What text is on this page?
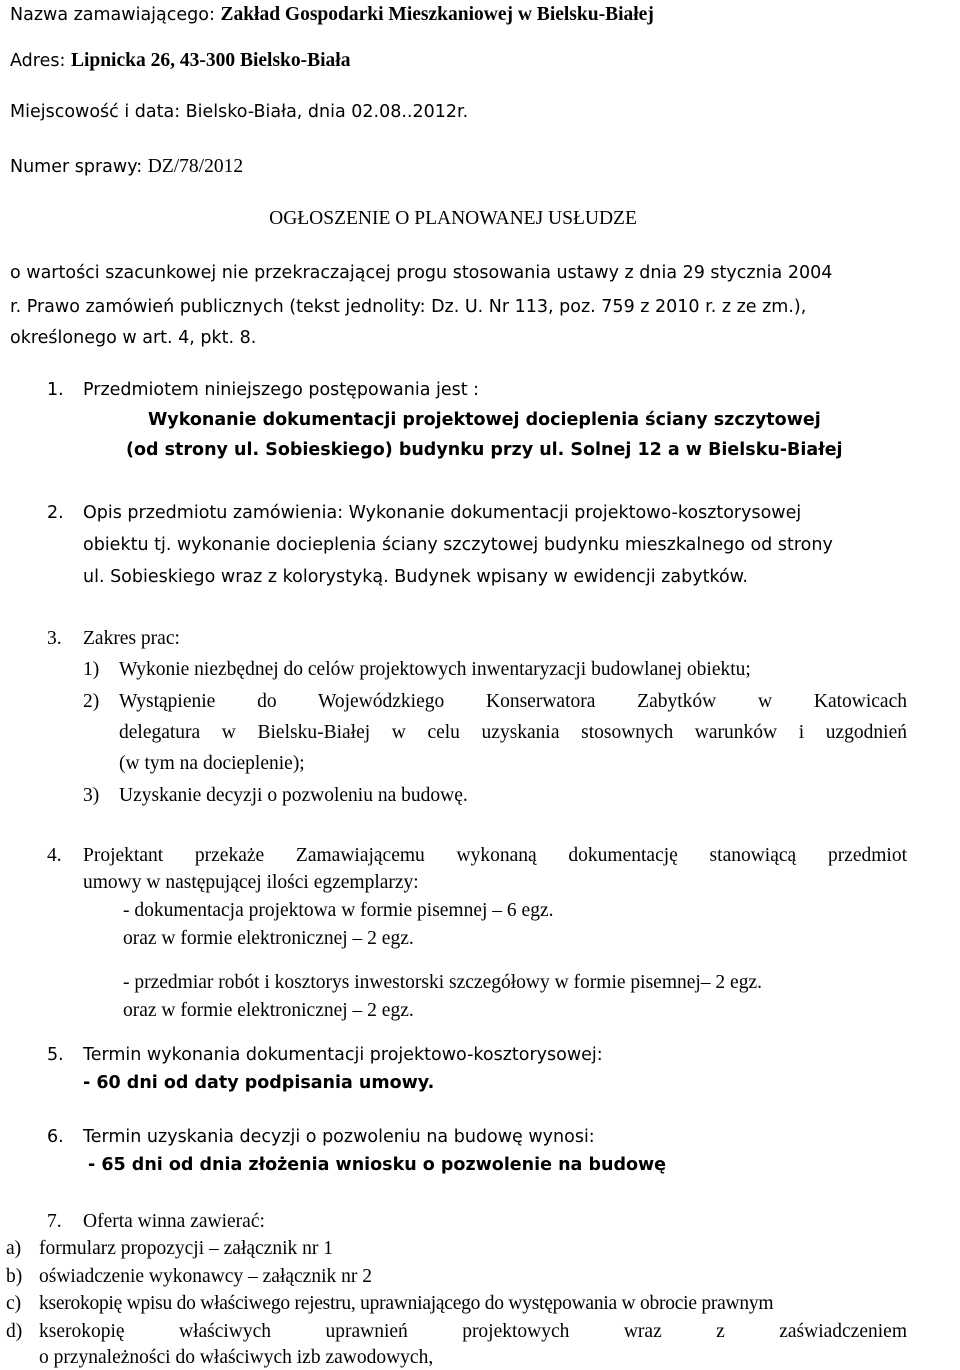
Nazwa zamawiającego: Zakład Gospodarki Mieszkaniowej w Bielsku-Białej
Adres: Lipnicka 26, 43-300 Bielsko-Biała
Miejscowość i data: Bielsko-Biała, dnia 02.08..2012r.
Numer sprawy: DZ/78/2012
OGŁOSZENIE O PLANOWANEJ USŁUDZE
o wartości szacunkowej nie przekraczającej progu stosowania ustawy z dnia 29 stycznia 2004
r. Prawo zamówień publicznych (tekst jednolity: Dz. U. Nr 113, poz. 759 z 2010 r. z ze zm.),
określonego w art. 4, pkt. 8.
1. Przedmiotem niniejszego postępowania jest :
Wykonanie dokumentacji projektowej docieplenia ściany szczytowej
(od strony ul. Sobieskiego) budynku przy ul. Solnej 12 a w Bielsku-Białej
2. Opis przedmiotu zamówienia: Wykonanie dokumentacji projektowo-kosztorysowej
obiektu tj. wykonanie docieplenia ściany szczytowej budynku mieszkalnego od strony
ul. Sobieskiego wraz z kolorystyką. Budynek wpisany w ewidencji zabytków.
3. Zakres prac:
1) Wykonie niezbędnej do celów projektowych inwentaryzacji budowlanej obiektu;
2) Wystąpienie do Wojewódzkiego Konserwatora Zabytków w Katowicach
delegatura w Bielsku-Białej w celu uzyskania stosownych warunków i uzgodnień
(w tym na docieplenie);
3) Uzyskanie decyzji o pozwoleniu na budowę.
4. Projektant przekaże Zamawiającemu wykonaną dokumentację stanowiącą przedmiot
umowy w następującej ilości egzemplarzy:
- dokumentacja projektowa w formie pisemnej – 6 egz.
oraz w formie elektronicznej – 2 egz.
- przedmiar robót i kosztorys inwestorski szczegółowy w formie pisemnej– 2 egz.
oraz w formie elektronicznej – 2 egz.
5. Termin wykonania dokumentacji projektowo-kosztorysowej:
- 60 dni od daty podpisania umowy.
6. Termin uzyskania decyzji o pozwoleniu na budowę wynosi:
- 65 dni od dnia złożenia wniosku o pozwolenie na budowę
7. Oferta winna zawierać:
a) formularz propozycji – załącznik nr 1
b) oświadczenie wykonawcy – załącznik nr 2
c) kserokopię wpisu do właściwego rejestru, uprawniającego do występowania w obrocie prawnym
d) kserokopię właściwych uprawnień projektowych wraz z zaświadczeniem
o przynależności do właściwych izb zawodowych,
